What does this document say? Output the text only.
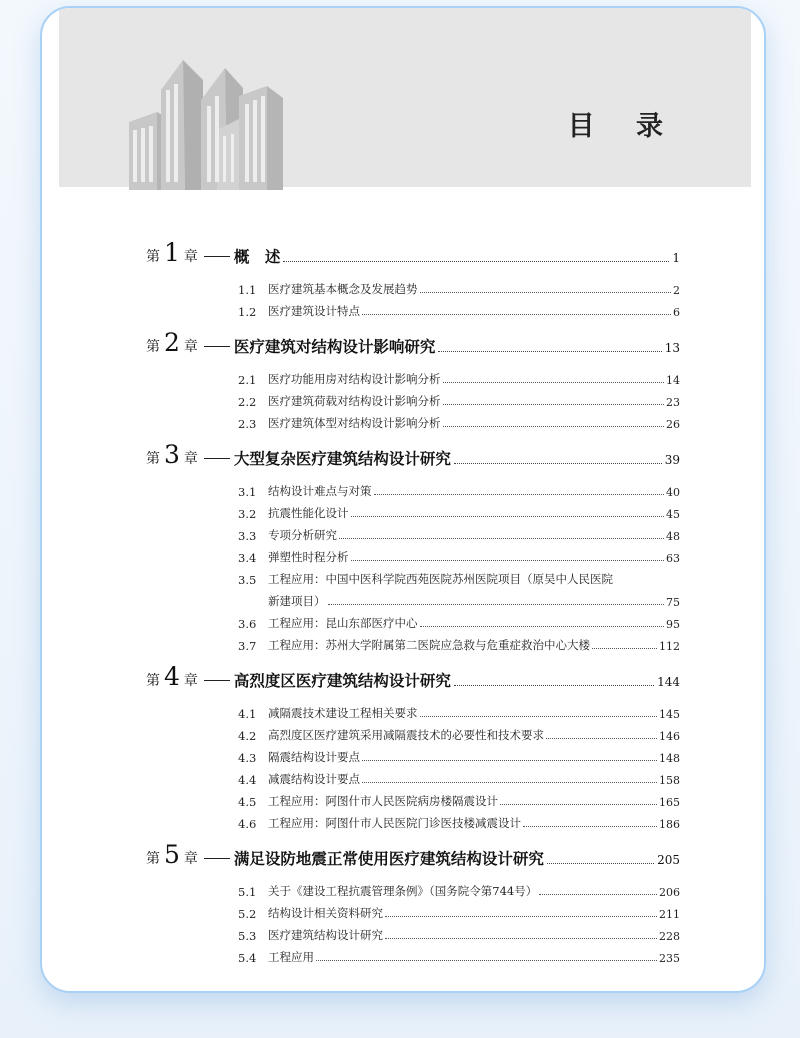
目 录
第 1 章 概　述	1
1.1	医疗建筑基本概念及发展趋势	2
1.2	医疗建筑设计特点	6
第 2 章 医疗建筑对结构设计影响研究	13
2.1	医疗功能用房对结构设计影响分析	14
2.2	医疗建筑荷载对结构设计影响分析	23
2.3	医疗建筑体型对结构设计影响分析	26
第 3 章 大型复杂医疗建筑结构设计研究	39
3.1	结构设计难点与对策	40
3.2	抗震性能化设计	45
3.3	专项分析研究	48
3.4	弹塑性时程分析	63
3.5	工程应用：中国中医科学院西苑医院苏州医院项目（原吴中人民医院
新建项目）	75
3.6	工程应用：昆山东部医疗中心	95
3.7	工程应用：苏州大学附属第二医院应急救与危重症救治中心大楼	112
第 4 章 高烈度区医疗建筑结构设计研究	144
4.1	减隔震技术建设工程相关要求	145
4.2	高烈度区医疗建筑采用减隔震技术的必要性和技术要求	146
4.3	隔震结构设计要点	148
4.4	减震结构设计要点	158
4.5	工程应用：阿图什市人民医院病房楼隔震设计	165
4.6	工程应用：阿图什市人民医院门诊医技楼减震设计	186
第 5 章 满足设防地震正常使用医疗建筑结构设计研究	205
5.1	关于《建设工程抗震管理条例》（国务院令第744号）	206
5.2	结构设计相关资料研究	211
5.3	医疗建筑结构设计研究	228
5.4	工程应用	235
